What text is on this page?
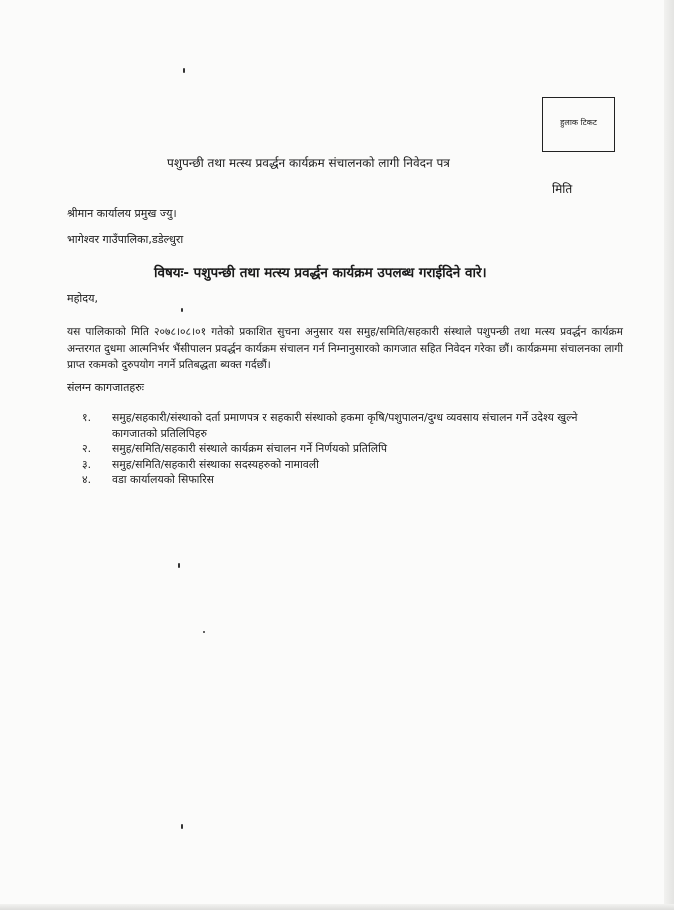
हुलाक टिकट
पशुपन्छी तथा मत्स्य प्रवर्द्धन कार्यक्रम संचालनको लागी निवेदन पत्र
मिति
श्रीमान कार्यालय प्रमुख ज्यु।
भागेश्वर गाउँपालिका,डडेल्धुरा
विषयः- पशुपन्छी तथा मत्स्य प्रवर्द्धन कार्यक्रम उपलब्ध गराईदिने वारे।
महोदय,
यस पालिकाको मिति २०७८।०८।०१ गतेको प्रकाशित सुचना अनुसार यस समुह/समिति/सहकारी संस्थाले पशुपन्छी तथा मत्स्य प्रवर्द्धन कार्यक्रम अन्तरगत दुधमा आत्मनिर्भर भैंसीपालन प्रवर्द्धन कार्यक्रम संचालन गर्न निम्नानुसारको कागजात सहित निवेदन गरेका छौं। कार्यक्रममा संचालनका लागी प्राप्त रकमको दुरुपयोग नगर्ने प्रतिबद्धता ब्यक्त गर्दछौं।
संलग्न कागजातहरुः
१. समुह/सहकारी/संस्थाको दर्ता प्रमाणपत्र र सहकारी संस्थाको हकमा कृषि/पशुपालन/दुग्ध व्यवसाय संचालन गर्ने उदेश्य खुल्ने कागजातको प्रतिलिपिहरु
२. समुह/समिति/सहकारी संस्थाले कार्यक्रम संचालन गर्ने निर्णयको प्रतिलिपि
३. समुह/समिति/सहकारी संस्थाका सदस्यहरुको नामावली
४. वडा कार्यालयको सिफारिस
